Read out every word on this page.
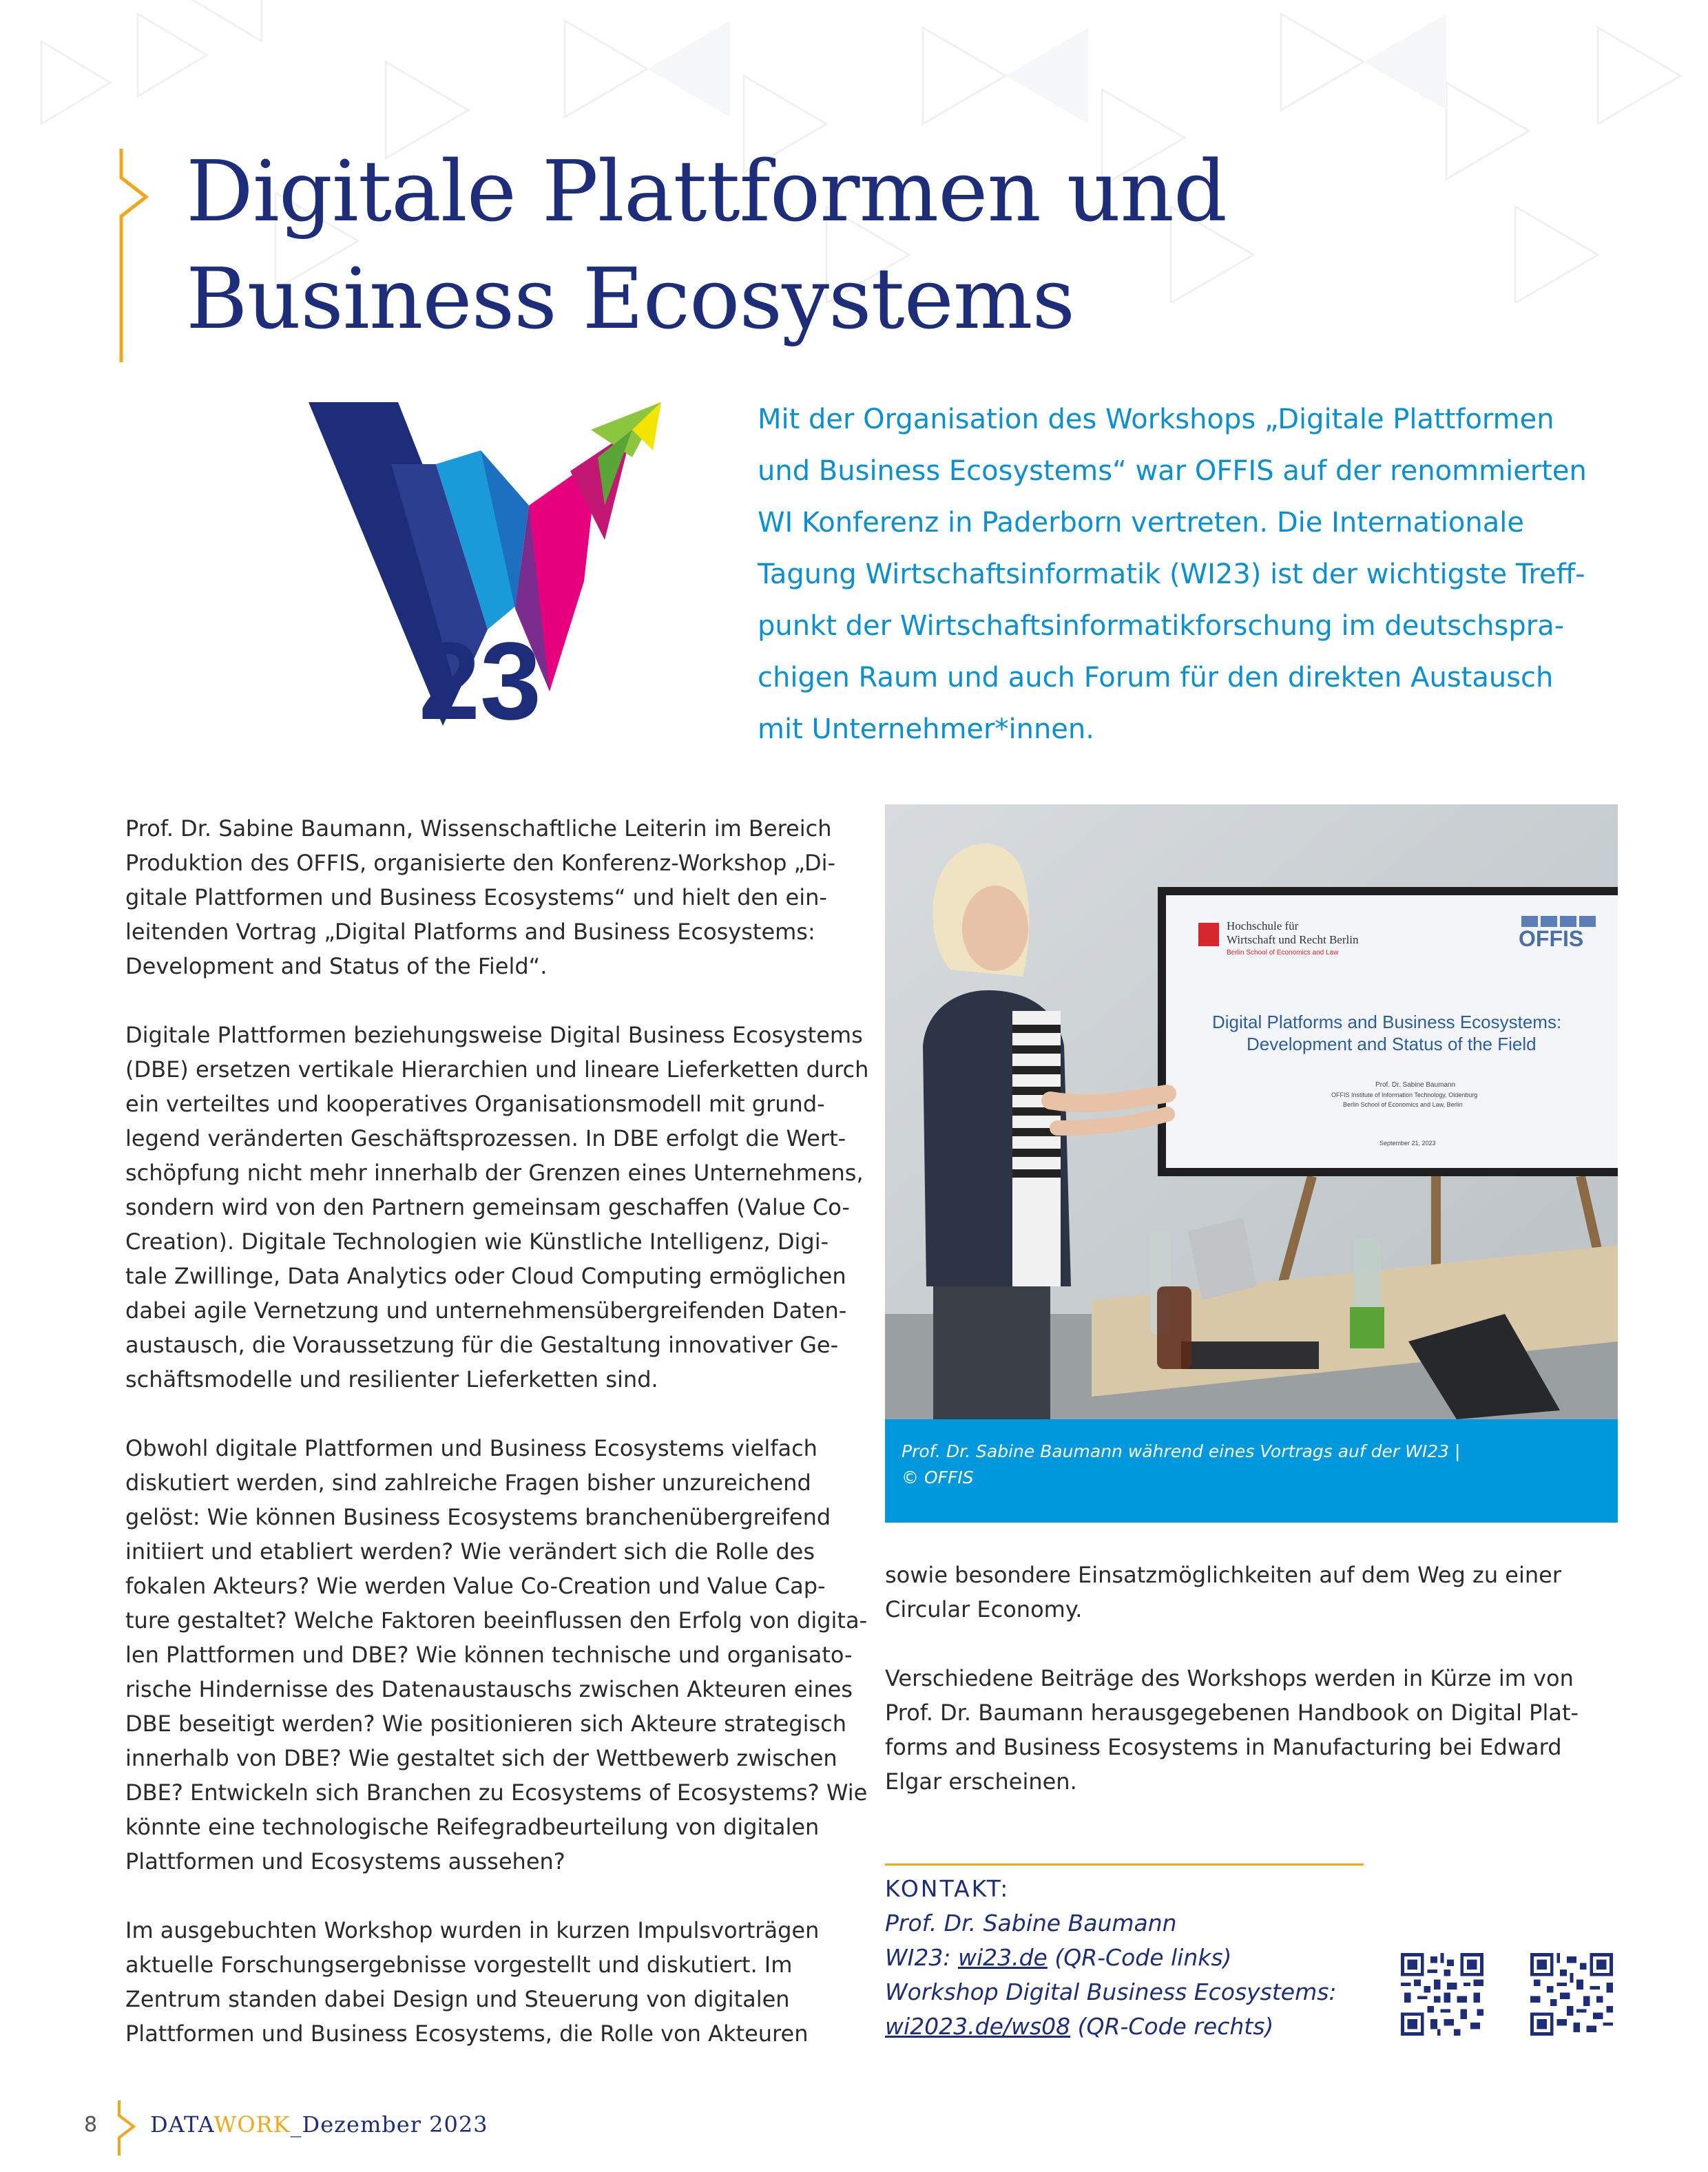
Digitale Plattformen und
Business Ecosystems
23
Mit der Organisation des Workshops „Digitale Plattformen
und Business Ecosystems“ war OFFIS auf der renommierten
WI Konferenz in Paderborn vertreten. Die Internationale
Tagung Wirtschaftsinformatik (WI23) ist der wichtigste Treff-
punkt der Wirtschaftsinformatikforschung im deutschspra-
chigen Raum und auch Forum für den direkten Austausch
mit Unternehmer*innen.

Prof. Dr. Sabine Baumann, Wissenschaftliche Leiterin im Bereich
Produktion des OFFIS, organisierte den Konferenz-Workshop „Di-
gitale Plattformen und Business Ecosystems“ und hielt den ein-
leitenden Vortrag „Digital Platforms and Business Ecosystems:
Development and Status of the Field“.

Digitale Plattformen beziehungsweise Digital Business Ecosystems
(DBE) ersetzen vertikale Hierarchien und lineare Lieferketten durch
ein verteiltes und kooperatives Organisationsmodell mit grund-
legend veränderten Geschäftsprozessen. In DBE erfolgt die Wert-
schöpfung nicht mehr innerhalb der Grenzen eines Unternehmens,
sondern wird von den Partnern gemeinsam geschaffen (Value Co-
Creation). Digitale Technologien wie Künstliche Intelligenz, Digi-
tale Zwillinge, Data Analytics oder Cloud Computing ermöglichen
dabei agile Vernetzung und unternehmensübergreifenden Daten-
austausch, die Voraussetzung für die Gestaltung innovativer Ge-
schäftsmodelle und resilienter Lieferketten sind.

Obwohl digitale Plattformen und Business Ecosystems vielfach
diskutiert werden, sind zahlreiche Fragen bisher unzureichend
gelöst: Wie können Business Ecosystems branchenübergreifend
initiiert und etabliert werden? Wie verändert sich die Rolle des
fokalen Akteurs? Wie werden Value Co-Creation und Value Cap-
ture gestaltet? Welche Faktoren beeinflussen den Erfolg von digita-
len Plattformen und DBE? Wie können technische und organisato-
rische Hindernisse des Datenaustauschs zwischen Akteuren eines
DBE beseitigt werden? Wie positionieren sich Akteure strategisch
innerhalb von DBE? Wie gestaltet sich der Wettbewerb zwischen
DBE? Entwickeln sich Branchen zu Ecosystems of Ecosystems? Wie
könnte eine technologische Reifegradbeurteilung von digitalen
Plattformen und Ecosystems aussehen?

Im ausgebuchten Workshop wurden in kurzen Impulsvorträgen
aktuelle Forschungsergebnisse vorgestellt und diskutiert. Im
Zentrum standen dabei Design und Steuerung von digitalen
Plattformen und Business Ecosystems, die Rolle von Akteuren

Hochschule für
Wirtschaft und Recht Berlin
Berlin School of Economics and Law
OFFIS
Digital Platforms and Business Ecosystems:
Development and Status of the Field
Prof. Dr. Sabine Baumann
OFFIS Institute of Information Technology, Oldenburg
Berlin School of Economics and Law, Berlin
September 21, 2023
Prof. Dr. Sabine Baumann während eines Vortrags auf der WI23 |
© OFFIS

sowie besondere Einsatzmöglichkeiten auf dem Weg zu einer
Circular Economy.

Verschiedene Beiträge des Workshops werden in Kürze im von
Prof. Dr. Baumann herausgegebenen Handbook on Digital Plat-
forms and Business Ecosystems in Manufacturing bei Edward
Elgar erscheinen.

KONTAKT:
Prof. Dr. Sabine Baumann
WI23: wi23.de (QR-Code links)
Workshop Digital Business Ecosystems:
wi2023.de/ws08 (QR-Code rechts)
8 DATAWORK_Dezember 2023
